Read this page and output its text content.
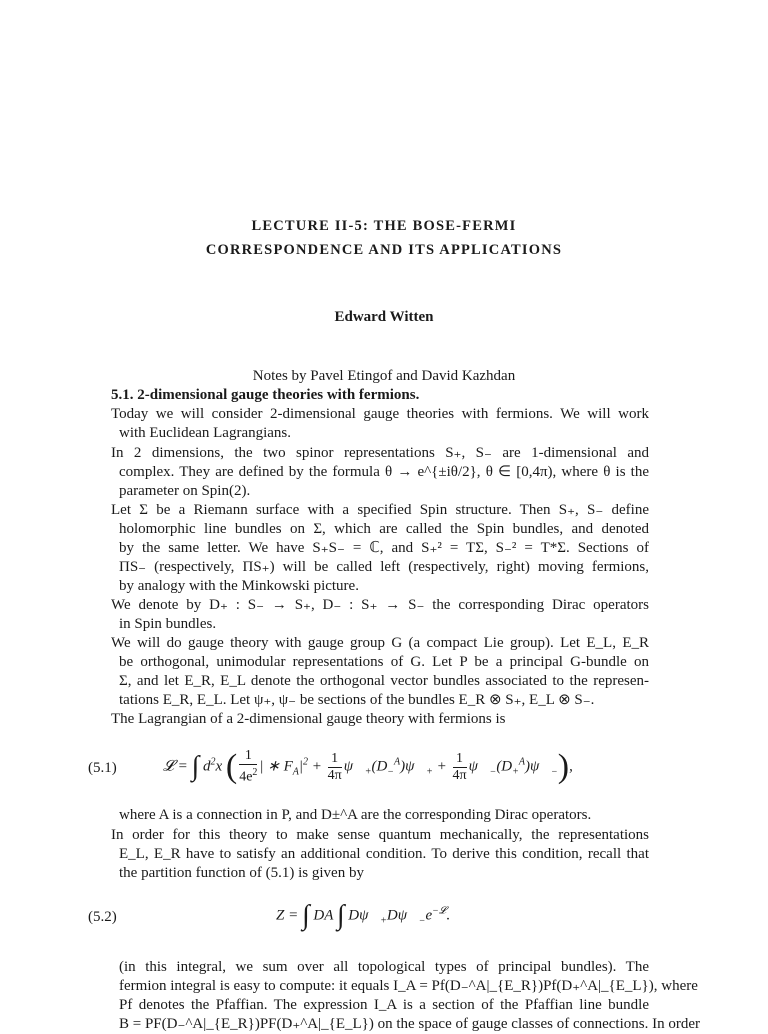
LECTURE II-5: THE BOSE-FERMI
CORRESPONDENCE AND ITS APPLICATIONS
Edward Witten
Notes by Pavel Etingof and David Kazhdan
5.1. 2-dimensional gauge theories with fermions.
Today we will consider 2-dimensional gauge theories with fermions. We will work
with Euclidean Lagrangians.
In 2 dimensions, the two spinor representations S₊, S₋ are 1-dimensional and
complex. They are defined by the formula θ → e^{±iθ/2}, θ ∈ [0,4π), where θ is the
parameter on Spin(2).
Let Σ be a Riemann surface with a specified Spin structure. Then S₊, S₋ define
holomorphic line bundles on Σ, which are called the Spin bundles, and denoted
by the same letter. We have S₊S₋ = ℂ, and S₊² = TΣ, S₋² = T*Σ. Sections of
ΠS₋ (respectively, ΠS₊) will be called left (respectively, right) moving fermions,
by analogy with the Minkowski picture.
We denote by D₊ : S₋ → S₊, D₋ : S₊ → S₋ the corresponding Dirac operators
in Spin bundles.
We will do gauge theory with gauge group G (a compact Lie group). Let E_L, E_R
be orthogonal, unimodular representations of G. Let P be a principal G-bundle on
Σ, and let E_R, E_L denote the orthogonal vector bundles associated to the represen-
tations E_R, E_L. Let ψ₊, ψ₋ be sections of the bundles E_R ⊗ S₊, E_L ⊗ S₋.
The Lagrangian of a 2-dimensional gauge theory with fermions is
(5.1)	𝓛 = ∫ $d^2x$ ( $\frac{1}{4e^2}$ | ∗ $F_A|^2 + \frac{1}{4\pi}$ $\psi⃗_+(D_-^A)\psi⃗_+ + \frac{1}{4\pi}$ $\psi⃗_-(D_+^A)\psi⃗_-$),
where A is a connection in P, and D±^A are the corresponding Dirac operators.
In order for this theory to make sense quantum mechanically, the representations
E_L, E_R have to satisfy an additional condition. To derive this condition, recall that
the partition function of (5.1) is given by
(5.2)	Z = ∫ DA ∫ $D\psi⃗_+D\psi⃗_-e^{-𝓛}$.
(in this integral, we sum over all topological types of principal bundles). The
fermion integral is easy to compute: it equals I_A = Pf(D₋^A|_{E_R})Pf(D₊^A|_{E_L}), where
Pf denotes the Pfaffian. The expression I_A is a section of the Pfaffian line bundle
B = PF(D₋^A|_{E_R})PF(D₊^A|_{E_L}) on the space of gauge classes of connections. In order
